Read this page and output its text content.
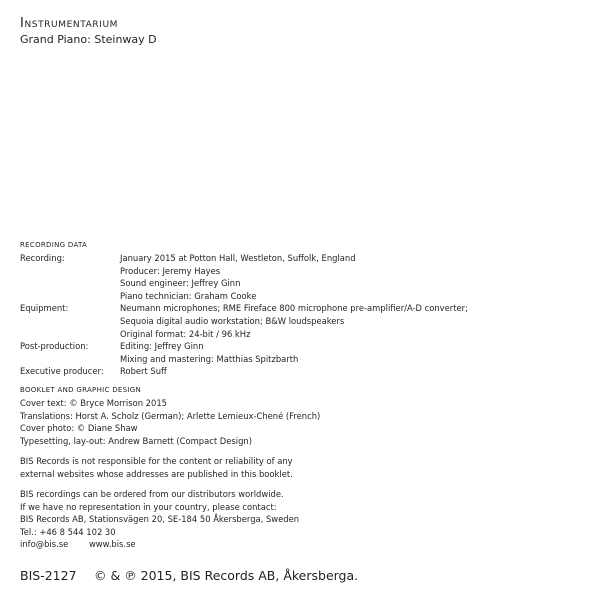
Instrumentarium
Grand Piano: Steinway D
RECORDING DATA
Recording:	January 2015 at Potton Hall, Westleton, Suffolk, England
Producer: Jeremy Hayes
Sound engineer: Jeffrey Ginn
Piano technician: Graham Cooke
Equipment:	Neumann microphones; RME Fireface 800 microphone pre-amplifier/A-D converter;
Sequoia digital audio workstation; B&W loudspeakers
Original format: 24-bit / 96 kHz
Post-production:	Editing: Jeffrey Ginn
Mixing and mastering: Matthias Spitzbarth
Executive producer:	Robert Suff
BOOKLET AND GRAPHIC DESIGN
Cover text: © Bryce Morrison 2015
Translations: Horst A. Scholz (German); Arlette Lemieux-Chené (French)
Cover photo: © Diane Shaw
Typesetting, lay-out: Andrew Barnett (Compact Design)
BIS Records is not responsible for the content or reliability of any
external websites whose addresses are published in this booklet.
BIS recordings can be ordered from our distributors worldwide.
If we have no representation in your country, please contact:
BIS Records AB, Stationsvägen 20, SE-184 50 Åkersberga, Sweden
Tel.: +46 8 544 102 30
info@bis.se www.bis.se
BIS-2127 © & ℗ 2015, BIS Records AB, Åkersberga.
